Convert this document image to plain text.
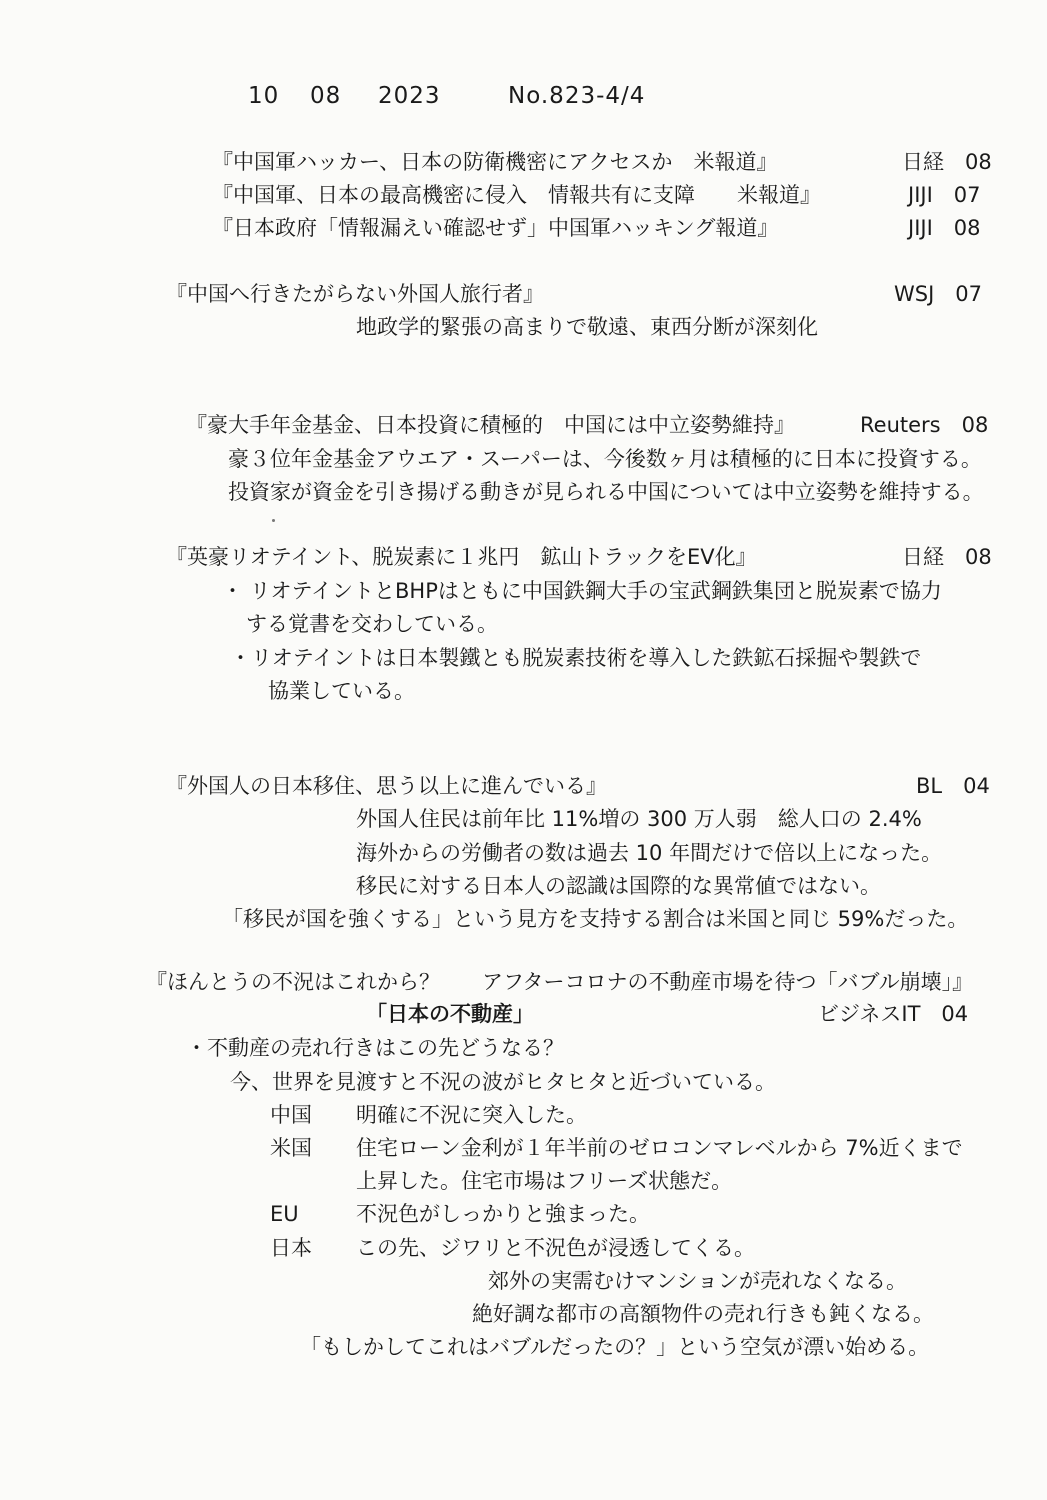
10 08 2023	No.823-4/4
『中国軍ハッカー、日本の防衛機密にアクセスか　米報道』	日経　08
『中国軍、日本の最高機密に侵入　情報共有に支障　　米報道』	JIJI　07
『日本政府「情報漏えい確認せず」中国軍ハッキング報道』	JIJI　08
『中国へ行きたがらない外国人旅行者』	WSJ　07
地政学的緊張の高まりで敬遠、東西分断が深刻化
『豪大手年金基金、日本投資に積極的　中国には中立姿勢維持』	Reuters　08
豪３位年金基金アウエア・スーパーは、今後数ヶ月は積極的に日本に投資する。
投資家が資金を引き揚げる動きが見られる中国については中立姿勢を維持する。
『英豪リオテイント、脱炭素に１兆円　鉱山トラックをEV化』	日経　08
・ リオテイントとBHPはともに中国鉄鋼大手の宝武鋼鉄集団と脱炭素で協力
する覚書を交わしている。
・リオテイントは日本製鐵とも脱炭素技術を導入した鉄鉱石採掘や製鉄で
協業している。
『外国人の日本移住、思う以上に進んでいる』	BL　04
外国人住民は前年比 11%増の 300 万人弱　総人口の 2.4%
海外からの労働者の数は過去 10 年間だけで倍以上になった。
移民に対する日本人の認識は国際的な異常値ではない。
「移民が国を強くする」という見方を支持する割合は米国と同じ 59%だった。
『ほんとうの不況はこれから？　　アフターコロナの不動産市場を待つ「バブル崩壊」』
「日本の不動産」	ビジネスIT　04
・不動産の売れ行きはこの先どうなる？
今、世界を見渡すと不況の波がヒタヒタと近づいている。
中国 明確に不況に突入した。
米国 住宅ローン金利が１年半前のゼロコンマレベルから 7%近くまで
上昇した。住宅市場はフリーズ状態だ。
EU	不況色がしっかりと強まった。
日本 この先、ジワリと不況色が浸透してくる。
郊外の実需むけマンションが売れなくなる。
絶好調な都市の高額物件の売れ行きも鈍くなる。
「もしかしてこれはバブルだったの？」という空気が漂い始める。
